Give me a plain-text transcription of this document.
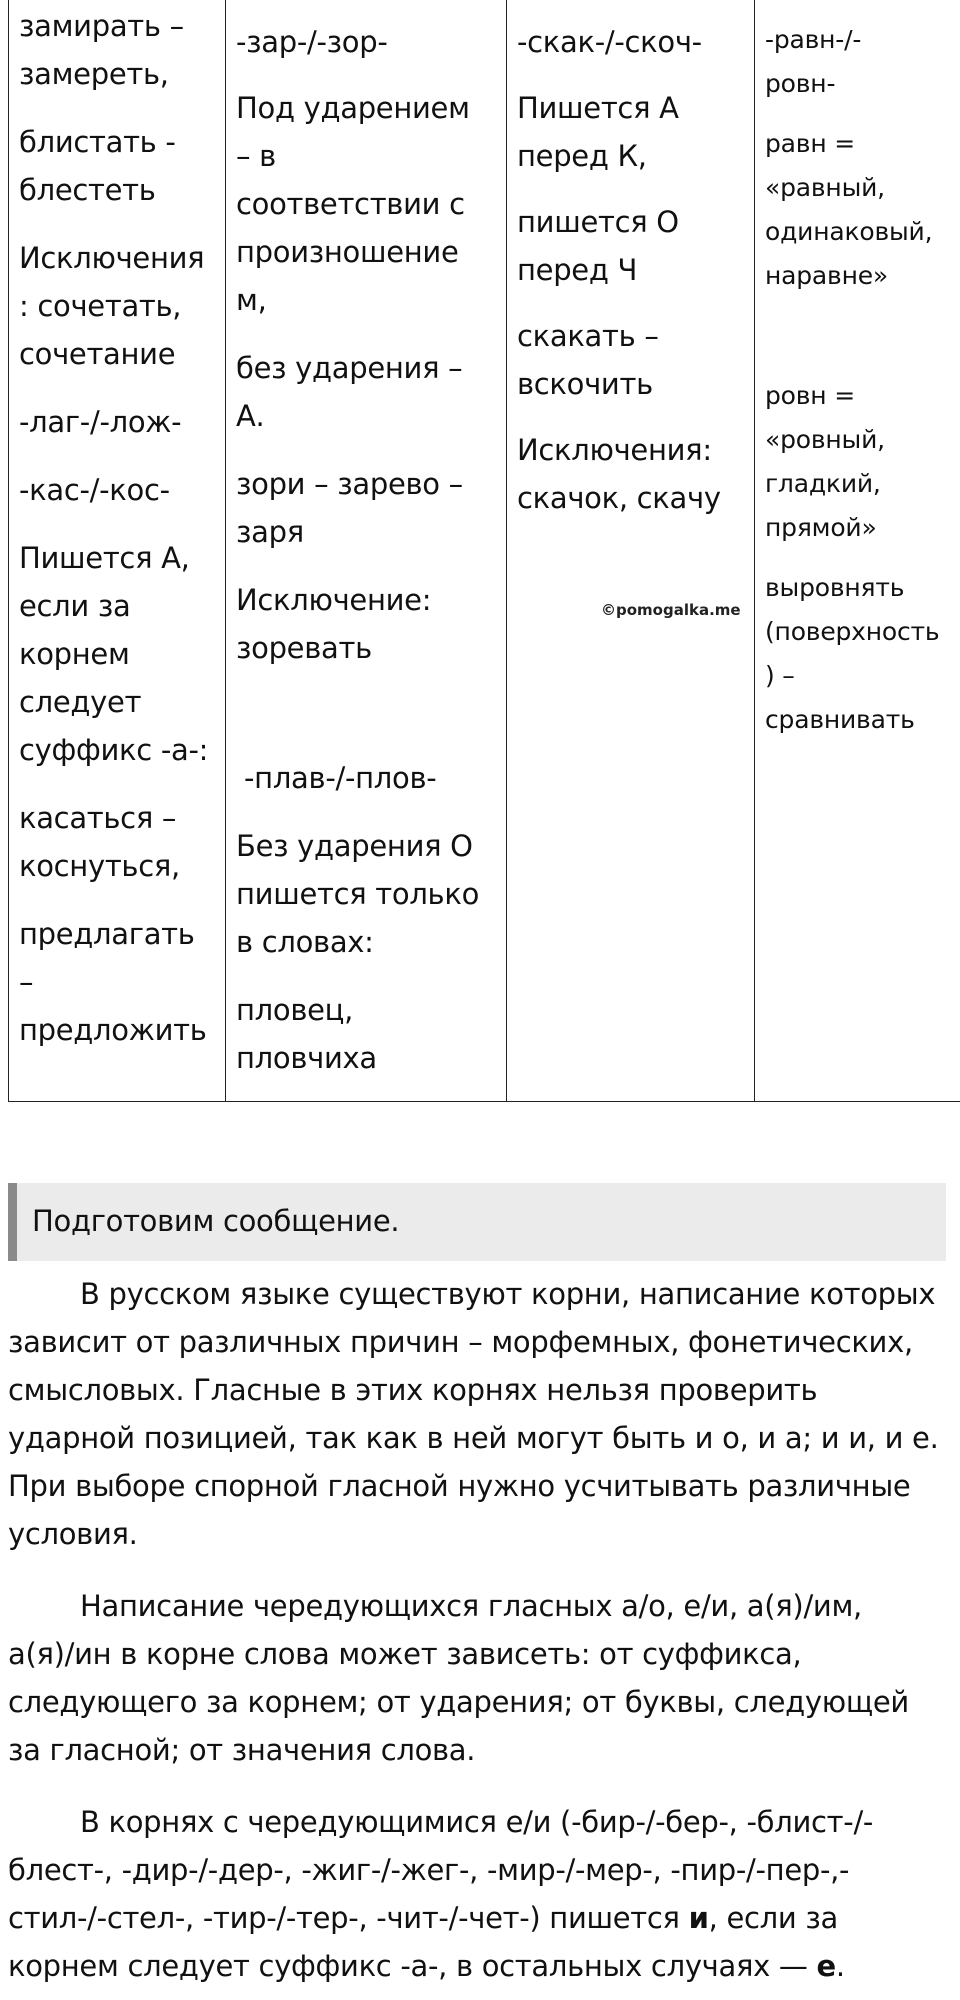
замирать –
замереть,
блистать -
блестеть
Исключения
: сочетать,
сочетание
-лаг-/-лож-
-кас-/-кос-
Пишется А,
если за
корнем
следует
суффикс -а-:
касаться –
коснуться,
предлагать
–
предложить

-зар-/-зор-
Под ударением
– в
соответствии с
произношение
м,
без ударения –
А.
зори – зарево –
заря
Исключение:
зоревать
-плав-/-плов-
Без ударения О
пишется только
в словах:
пловец,
пловчиха

-скак-/-скоч-
Пишется А
перед К,
пишется О
перед Ч
скакать –
вскочить
Исключения:
скачок, скачу

-равн-/-
ровн-
равн =
«равный,
одинаковый,
наравне»
ровн =
«ровный,
гладкий,
прямой»
выровнять
(поверхность
) –
сравнивать
©pomogalka.me
Подготовим сообщение.
В русском языке существуют корни, написание которых
зависит от различных причин – морфемных, фонетических,
смысловых. Гласные в этих корнях нельзя проверить
ударной позицией, так как в ней могут быть и о, и а; и и, и е.
При выборе спорной гласной нужно усчитывать различные
условия.
Написание чередующихся гласных а/о, е/и, а(я)/им,
а(я)/ин в корне слова может зависеть: от суффикса,
следующего за корнем; от ударения; от буквы, следующей
за гласной; от значения слова.
В корнях с чередующимися е/и (-бир-/-бер-, -блист-/-
блест-, -дир-/-дер-, -жиг-/-жег-, -мир-/-мер-, -пир-/-пер-,-
стил-/-стел-, -тир-/-тер-, -чит-/-чет-) пишется и, если за
корнем следует суффикс -а-, в остальных случаях — е.
